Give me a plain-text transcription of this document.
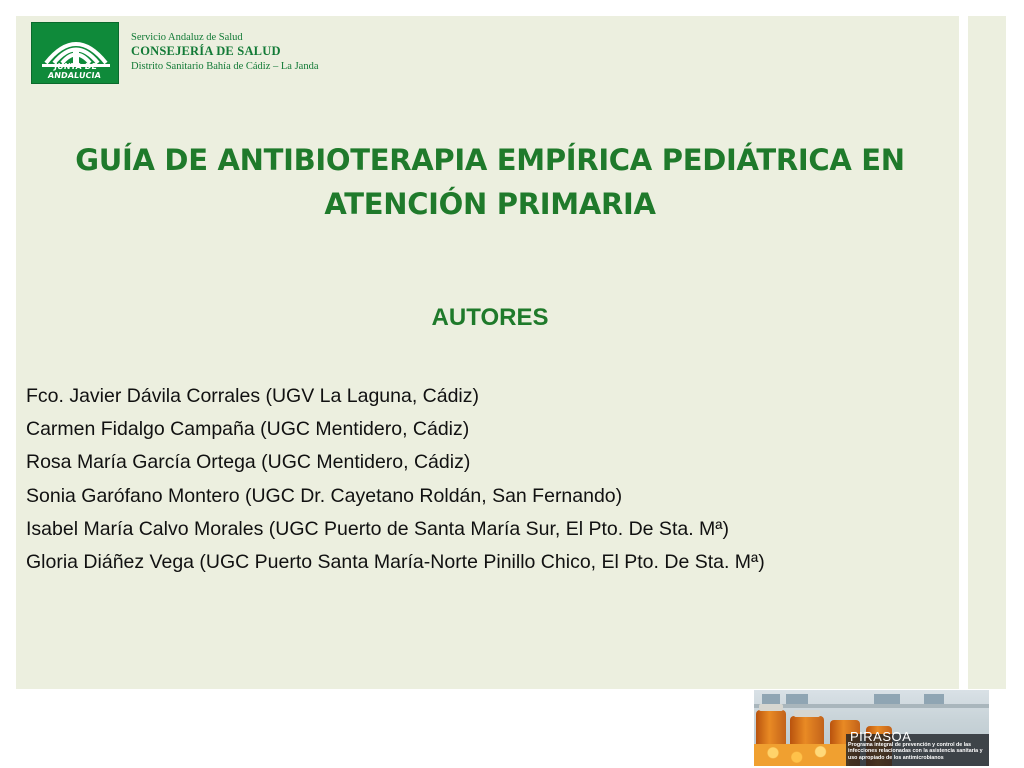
JUNTA DE ANDALUCIA
Servicio Andaluz de Salud
CONSEJERÍA DE SALUD
Distrito Sanitario Bahía de Cádiz – La Janda
GUÍA DE ANTIBIOTERAPIA EMPÍRICA PEDIÁTRICA EN
ATENCIÓN PRIMARIA
AUTORES
Fco. Javier Dávila Corrales (UGV La Laguna, Cádiz)
Carmen Fidalgo Campaña (UGC Mentidero, Cádiz)
Rosa María García Ortega (UGC Mentidero, Cádiz)
Sonia Garófano Montero (UGC Dr. Cayetano Roldán, San Fernando)
Isabel María Calvo Morales (UGC Puerto de Santa María Sur, El Pto. De Sta. Mª)
Gloria Diáñez Vega (UGC Puerto Santa María-Norte Pinillo Chico, El Pto. De Sta. Mª)
PIRASOA
Programa integral de prevención y control de las infecciones relacionadas con la asistencia sanitaria y uso apropiado de los antimicrobianos
